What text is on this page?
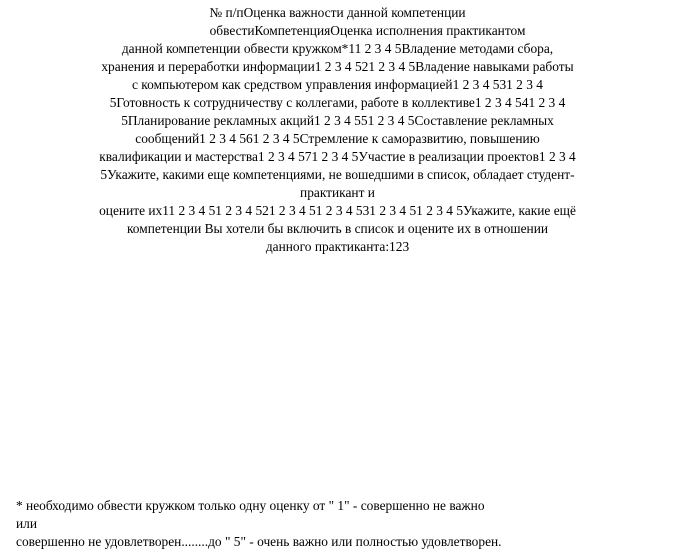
№ п/пОценка важности данной компетенции
обвестиКомпетенцияОценка исполнения практикантом
данной компетенции обвести кружком*11 2 3 4 5Владение методами сбора,
хранения и переработки информации1 2 3 4 521 2 3 4 5Владение навыками работы
с компьютером как средством управления информацией1 2 3 4 531 2 3 4
5Готовность к сотрудничеству с коллегами, работе в коллективе1 2 3 4 541 2 3 4
5Планирование рекламных акций1 2 3 4 551 2 3 4 5Составление рекламных
сообщений1 2 3 4 561 2 3 4 5Стремление к саморазвитию, повышению
квалификации и мастерства1 2 3 4 571 2 3 4 5Участие в реализации проектов1 2 3 4
5Укажите, какими еще компетенциями, не вошедшими в список, обладает студент-
практикант и
оцените их11 2 3 4 51 2 3 4 521 2 3 4 51 2 3 4 531 2 3 4 51 2 3 4 5Укажите, какие ещё
компетенции Вы хотели бы включить в список и оцените их в отношении
данного практиканта:123
* необходимо обвести кружком только одну оценку от " 1" - совершенно не важно
или
совершенно не удовлетворен........до " 5" - очень важно или полностью удовлетворен.
